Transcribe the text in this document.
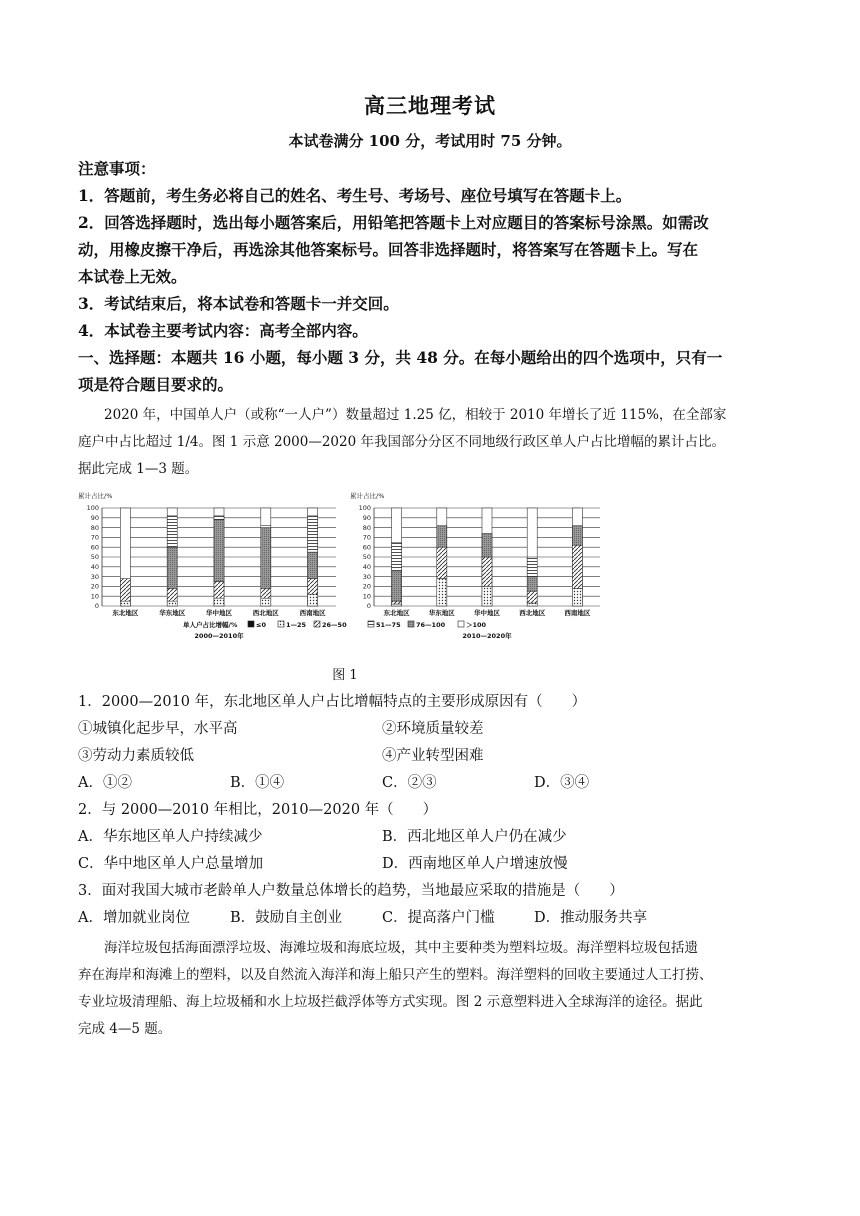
高三地理考试
本试卷满分 100 分，考试用时 75 分钟。
注意事项：
1．答题前，考生务必将自己的姓名、考生号、考场号、座位号填写在答题卡上。
2．回答选择题时，选出每小题答案后，用铅笔把答题卡上对应题目的答案标号涂黑。如需改
动，用橡皮擦干净后，再选涂其他答案标号。回答非选择题时，将答案写在答题卡上。写在
本试卷上无效。
3．考试结束后，将本试卷和答题卡一并交回。
4．本试卷主要考试内容：高考全部内容。
一、选择题：本题共 16 小题，每小题 3 分，共 48 分。在每小题给出的四个选项中，只有一
项是符合题目要求的。
2020 年，中国单人户（或称“一人户”）数量超过 1.25 亿，相较于 2010 年增长了近 115%，在全部家
庭户中占比超过 1/4。图 1 示意 2000—2020 年我国部分分区不同地级行政区单人户占比增幅的累计占比。
据此完成 1—3 题。
累计占比/%
0
10
20
30
40
50
60
70
80
90
100
东北地区	华东地区	华中地区	西北地区	西南地区
2000—2010年
累计占比/%
0
10
20
30
40
50
60
70
80
90
100
东北地区	华东地区	华中地区	西北地区	西南地区
2010—2020年
单人户占比增幅/%	≤0	1—25 26—50	51—75 76—100	＞100
图 1
1．2000—2010 年，东北地区单人户占比增幅特点的主要形成原因有（　　）
①城镇化起步早，水平高	②环境质量较差
③劳动力素质较低	④产业转型困难
A．①②	B．①④	C．②③	D．③④
2．与 2000—2010 年相比，2010—2020 年（　　）
A．华东地区单人户持续减少	B．西北地区单人户仍在减少
C．华中地区单人户总量增加	D．西南地区单人户增速放慢
3．面对我国大城市老龄单人户数量总体增长的趋势，当地最应采取的措施是（　　）
A．增加就业岗位	B．鼓励自主创业	C．提高落户门槛	D．推动服务共享
海洋垃圾包括海面漂浮垃圾、海滩垃圾和海底垃圾，其中主要种类为塑料垃圾。海洋塑料垃圾包括遗
弃在海岸和海滩上的塑料，以及自然流入海洋和海上船只产生的塑料。海洋塑料的回收主要通过人工打捞、
专业垃圾清理船、海上垃圾桶和水上垃圾拦截浮体等方式实现。图 2 示意塑料进入全球海洋的途径。据此
完成 4—5 题。
